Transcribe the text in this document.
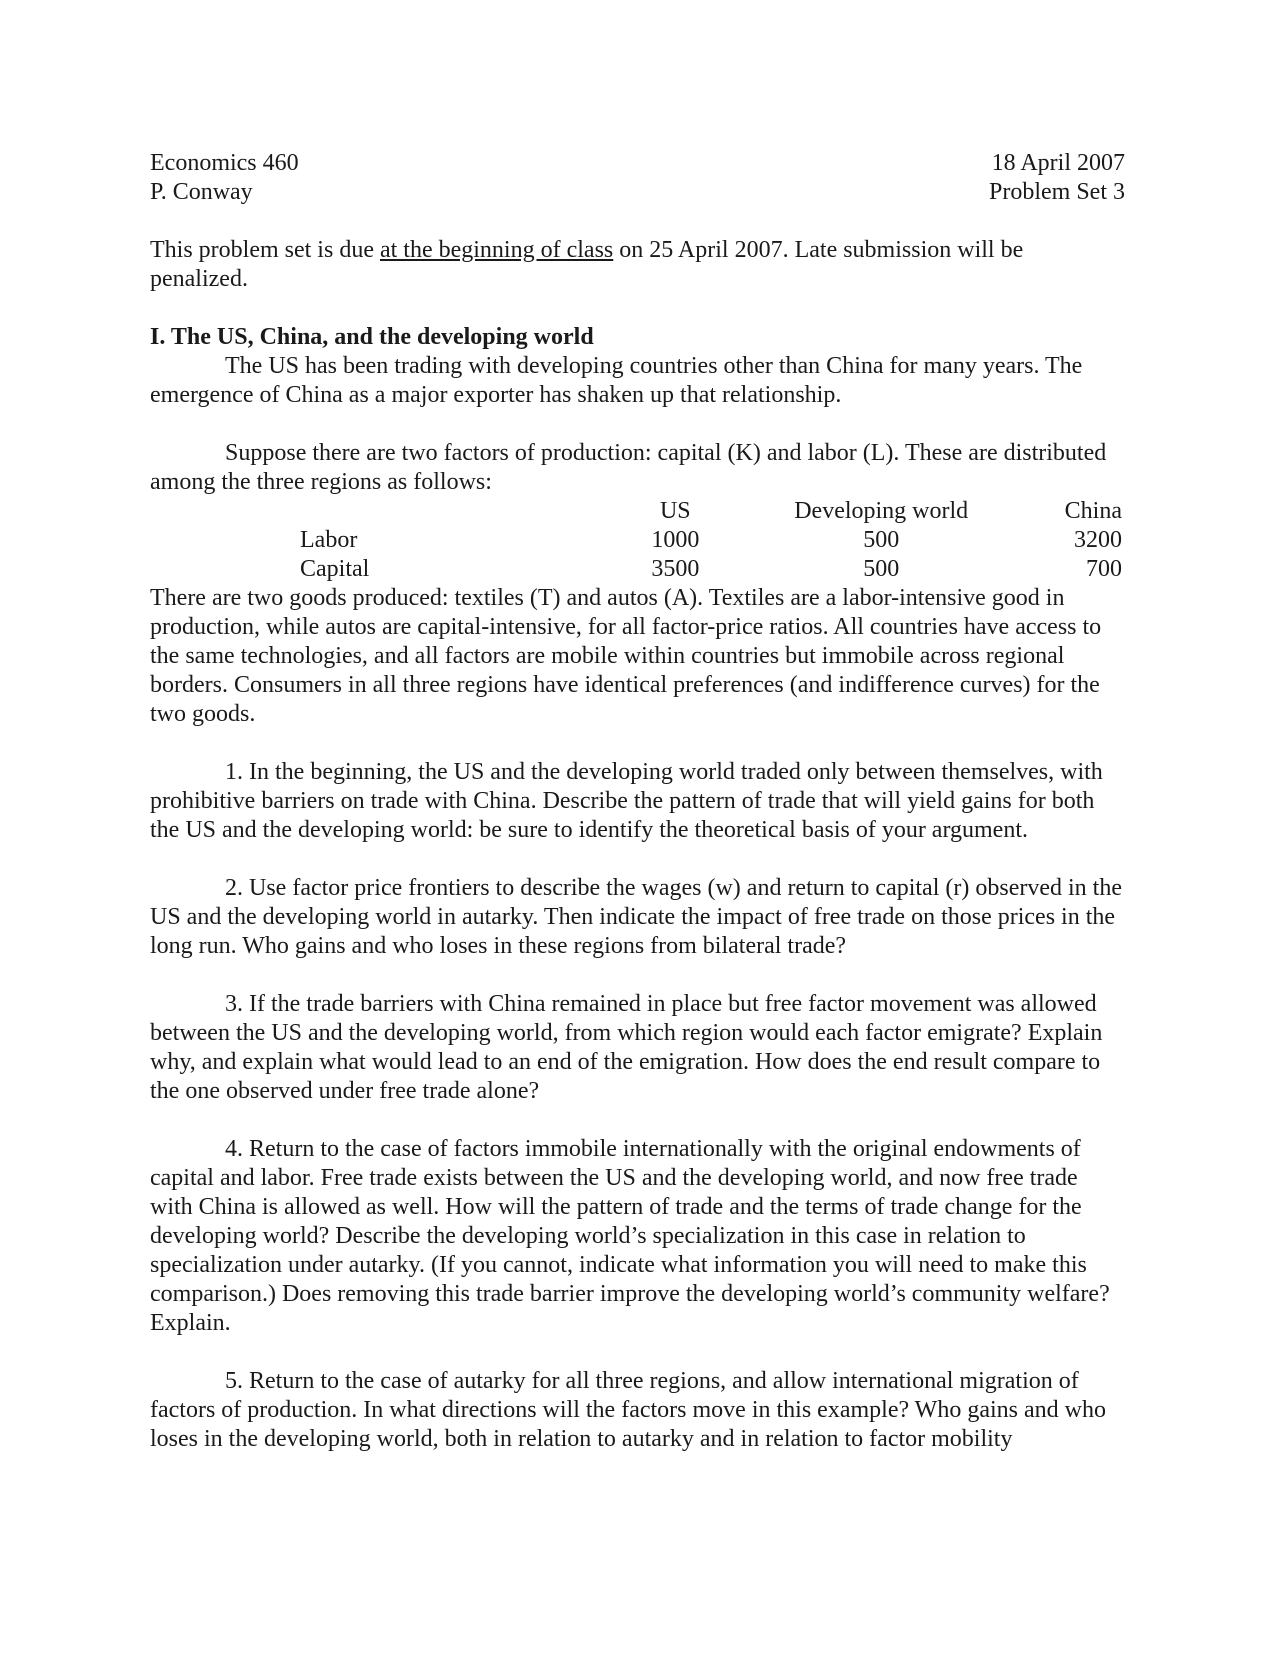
Economics 460
P. Conway
18 April 2007
Problem Set 3

This problem set is due at the beginning of class on 25 April 2007. Late submission will be penalized.

I. The US, China, and the developing world

The US has been trading with developing countries other than China for many years. The emergence of China as a major exporter has shaken up that relationship.

Suppose there are two factors of production: capital (K) and labor (L). These are distributed among the three regions as follows:

	US	Developing world	China
Labor	1000	500	3200
Capital	3500	500	700

There are two goods produced: textiles (T) and autos (A). Textiles are a labor-intensive good in production, while autos are capital-intensive, for all factor-price ratios. All countries have access to the same technologies, and all factors are mobile within countries but immobile across regional borders. Consumers in all three regions have identical preferences (and indifference curves) for the two goods.

1. In the beginning, the US and the developing world traded only between themselves, with prohibitive barriers on trade with China. Describe the pattern of trade that will yield gains for both the US and the developing world: be sure to identify the theoretical basis of your argument.

2. Use factor price frontiers to describe the wages (w) and return to capital (r) observed in the US and the developing world in autarky. Then indicate the impact of free trade on those prices in the long run. Who gains and who loses in these regions from bilateral trade?

3. If the trade barriers with China remained in place but free factor movement was allowed between the US and the developing world, from which region would each factor emigrate? Explain why, and explain what would lead to an end of the emigration. How does the end result compare to the one observed under free trade alone?

4. Return to the case of factors immobile internationally with the original endowments of capital and labor. Free trade exists between the US and the developing world, and now free trade with China is allowed as well. How will the pattern of trade and the terms of trade change for the developing world? Describe the developing world’s specialization in this case in relation to specialization under autarky. (If you cannot, indicate what information you will need to make this comparison.) Does removing this trade barrier improve the developing world’s community welfare? Explain.

5. Return to the case of autarky for all three regions, and allow international migration of factors of production. In what directions will the factors move in this example? Who gains and who loses in the developing world, both in relation to autarky and in relation to factor mobility
